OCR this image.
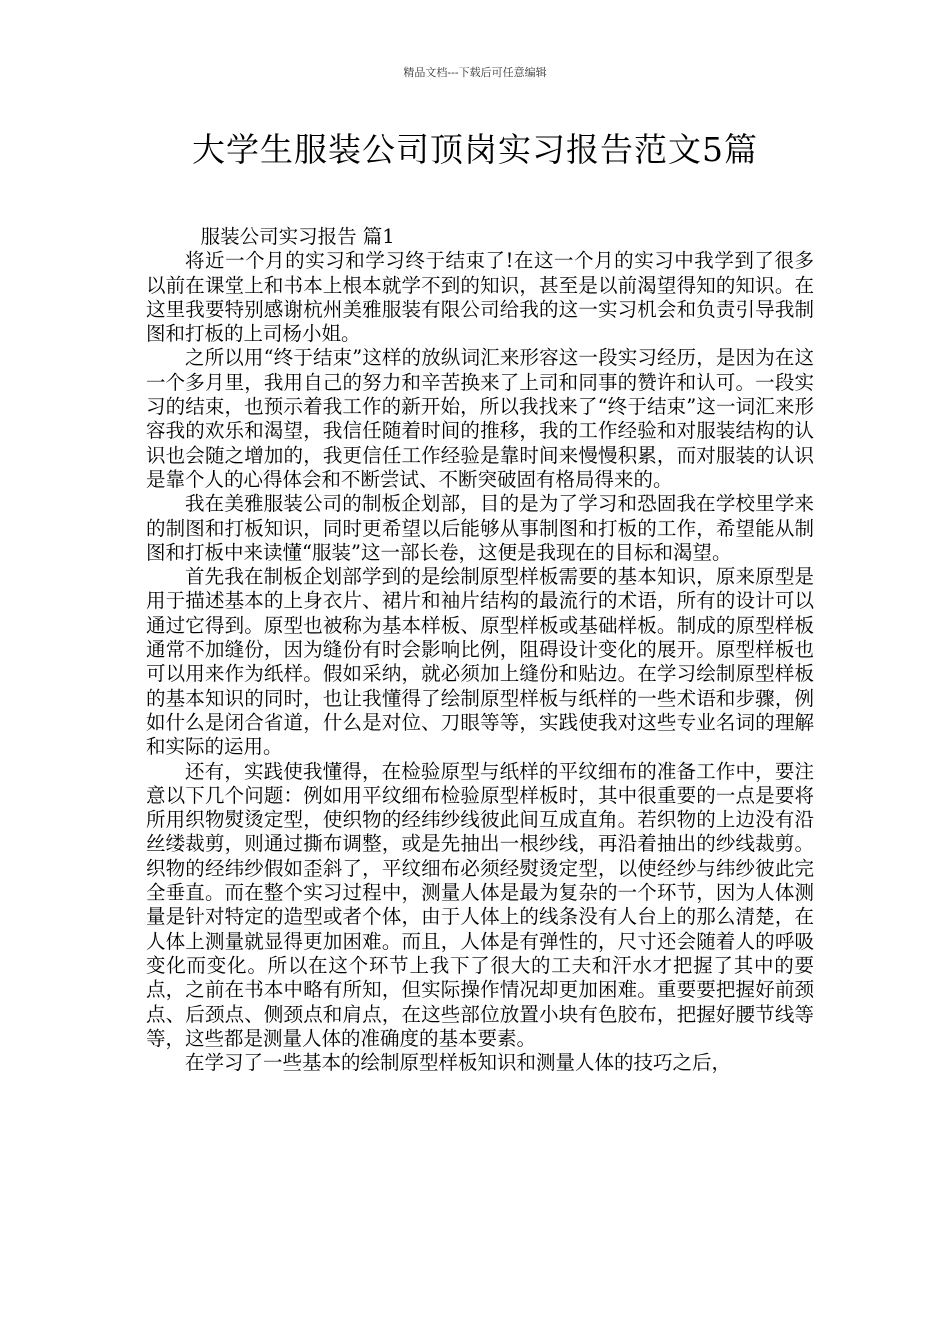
精品文档---下载后可任意编辑
大学生服装公司顶岗实习报告范文5篇
服装公司实习报告 篇1

将近一个月的实习和学习终于结束了!在这一个月的实习中我学到了很多以前在课堂上和书本上根本就学不到的知识，甚至是以前渴望得知的知识。在这里我要特别感谢杭州美雅服装有限公司给我的这一实习机会和负责引导我制图和打板的上司杨小姐。

之所以用“终于结束”这样的放纵词汇来形容这一段实习经历，是因为在这一个多月里，我用自己的努力和辛苦换来了上司和同事的赞许和认可。一段实习的结束，也预示着我工作的新开始，所以我找来了“终于结束”这一词汇来形容我的欢乐和渴望，我信任随着时间的推移，我的工作经验和对服装结构的认识也会随之增加的，我更信任工作经验是靠时间来慢慢积累，而对服装的认识是靠个人的心得体会和不断尝试、不断突破固有格局得来的。

我在美雅服装公司的制板企划部，目的是为了学习和恐固我在学校里学来的制图和打板知识，同时更希望以后能够从事制图和打板的工作，希望能从制图和打板中来读懂“服装”这一部长卷，这便是我现在的目标和渴望。

首先我在制板企划部学到的是绘制原型样板需要的基本知识，原来原型是用于描述基本的上身衣片、裙片和袖片结构的最流行的术语，所有的设计可以通过它得到。原型也被称为基本样板、原型样板或基础样板。制成的原型样板通常不加缝份，因为缝份有时会影响比例，阻碍设计变化的展开。原型样板也可以用来作为纸样。假如采纳，就必须加上缝份和贴边。在学习绘制原型样板的基本知识的同时，也让我懂得了绘制原型样板与纸样的一些术语和步骤，例如什么是闭合省道，什么是对位、刀眼等等，实践使我对这些专业名词的理解和实际的运用。

还有，实践使我懂得，在检验原型与纸样的平纹细布的准备工作中，要注意以下几个问题：例如用平纹细布检验原型样板时，其中很重要的一点是要将所用织物熨烫定型，使织物的经纬纱线彼此间互成直角。若织物的上边没有沿丝缕裁剪，则通过撕布调整，或是先抽出一根纱线，再沿着抽出的纱线裁剪。织物的经纬纱假如歪斜了，平纹细布必须经熨烫定型，以使经纱与纬纱彼此完全垂直。而在整个实习过程中，测量人体是最为复杂的一个环节，因为人体测量是针对特定的造型或者个体，由于人体上的线条没有人台上的那么清楚，在人体上测量就显得更加困难。而且，人体是有弹性的，尺寸还会随着人的呼吸变化而变化。所以在这个环节上我下了很大的工夫和汗水才把握了其中的要点，之前在书本中略有所知，但实际操作情况却更加困难。重要要把握好前颈点、后颈点、侧颈点和肩点，在这些部位放置小块有色胶布，把握好腰节线等等，这些都是测量人体的准确度的基本要素。

在学习了一些基本的绘制原型样板知识和测量人体的技巧之后，
